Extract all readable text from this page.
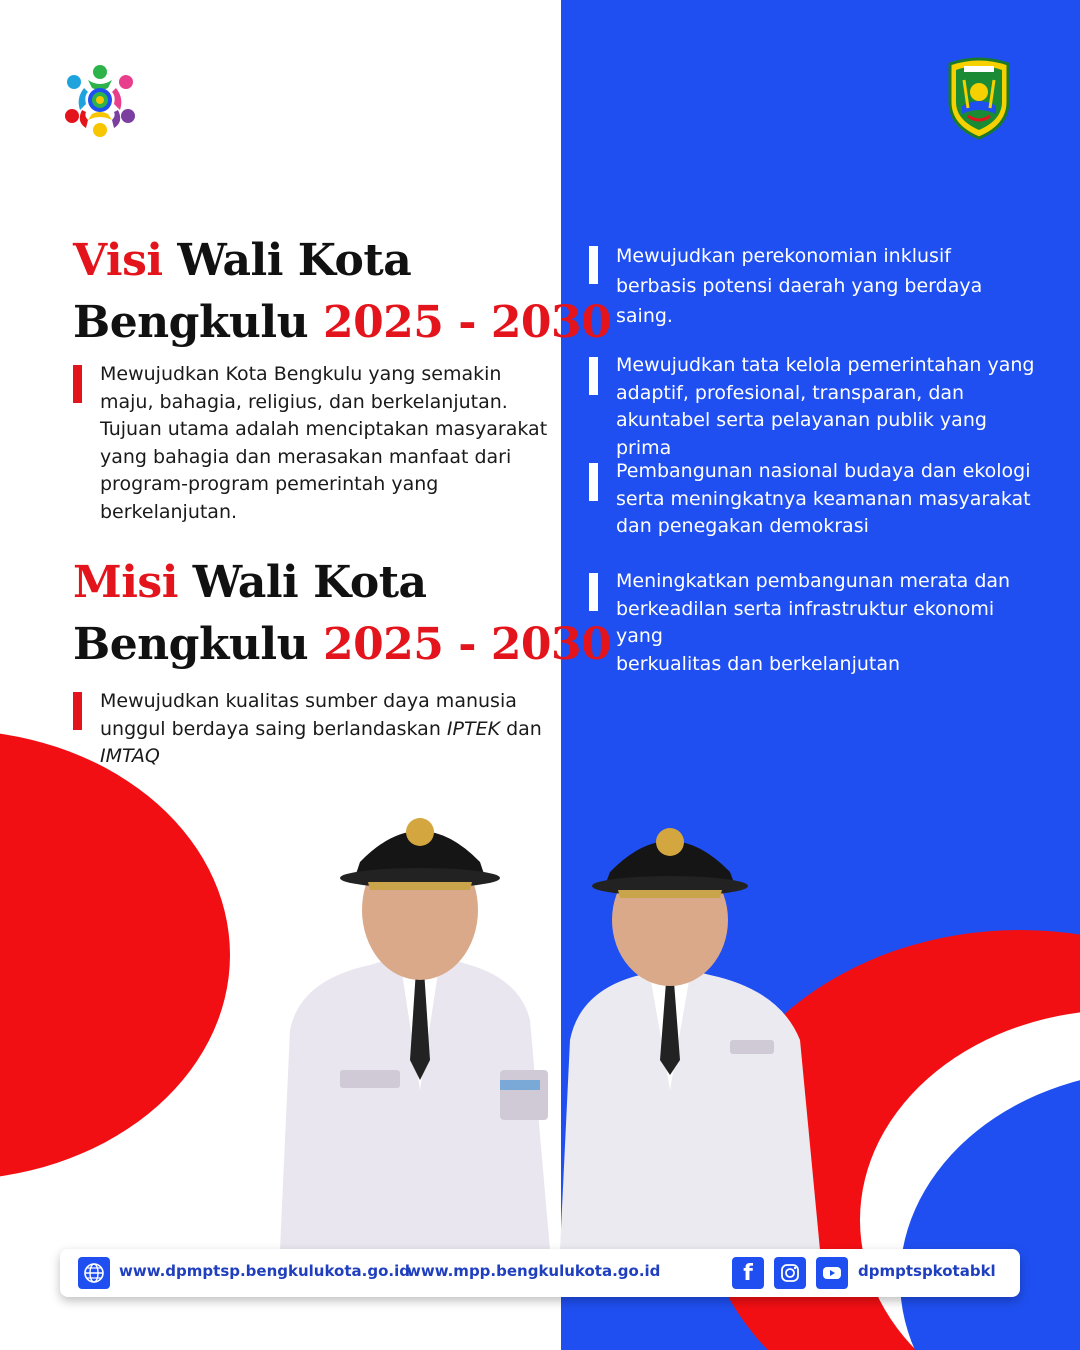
Visi Wali Kota
Bengkulu 2025 - 2030
Mewujudkan Kota Bengkulu yang semakin
maju, bahagia, religius, dan berkelanjutan.
Tujuan utama adalah menciptakan masyarakat
yang bahagia dan merasakan manfaat dari
program-program pemerintah yang
berkelanjutan.
Misi Wali Kota
Bengkulu 2025 - 2030
Mewujudkan kualitas sumber daya manusia
unggul berdaya saing berlandaskan IPTEK dan
IMTAQ
Mewujudkan perekonomian inklusif
berbasis potensi daerah yang berdaya
saing.
Mewujudkan tata kelola pemerintahan yang
adaptif, profesional, transparan, dan
akuntabel serta pelayanan publik yang prima
Pembangunan nasional budaya dan ekologi
serta meningkatnya keamanan masyarakat
dan penegakan demokrasi
Meningkatkan pembangunan merata dan
berkeadilan serta infrastruktur ekonomi yang
berkualitas dan berkelanjutan
www.dpmptsp.bengkulukota.go.id
www.mpp.bengkulukota.go.id	f	dpmptspkotabkl
